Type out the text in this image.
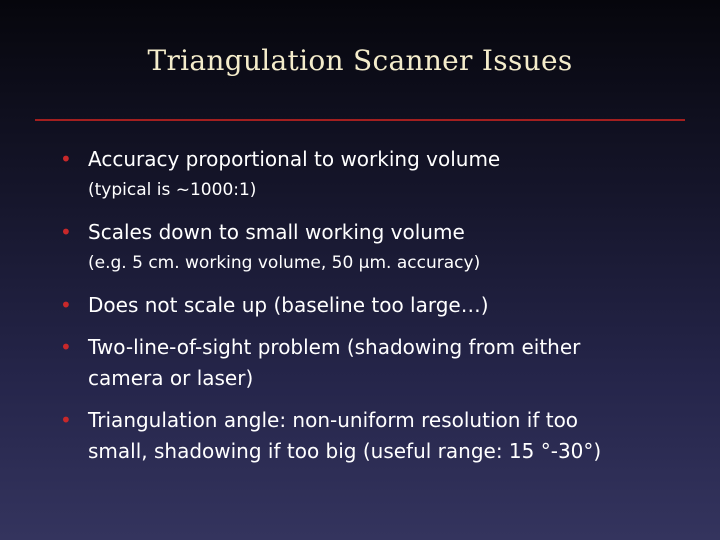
Triangulation Scanner Issues
• Accuracy proportional to working volume
(typical is ~1000:1)
• Scales down to small working volume
(e.g. 5 cm. working volume, 50 µm. accuracy)
• Does not scale up (baseline too large…)
• Two-line-of-sight problem (shadowing from either
camera or laser)
• Triangulation angle: non-uniform resolution if too
small, shadowing if too big (useful range: 15 °-30°)
